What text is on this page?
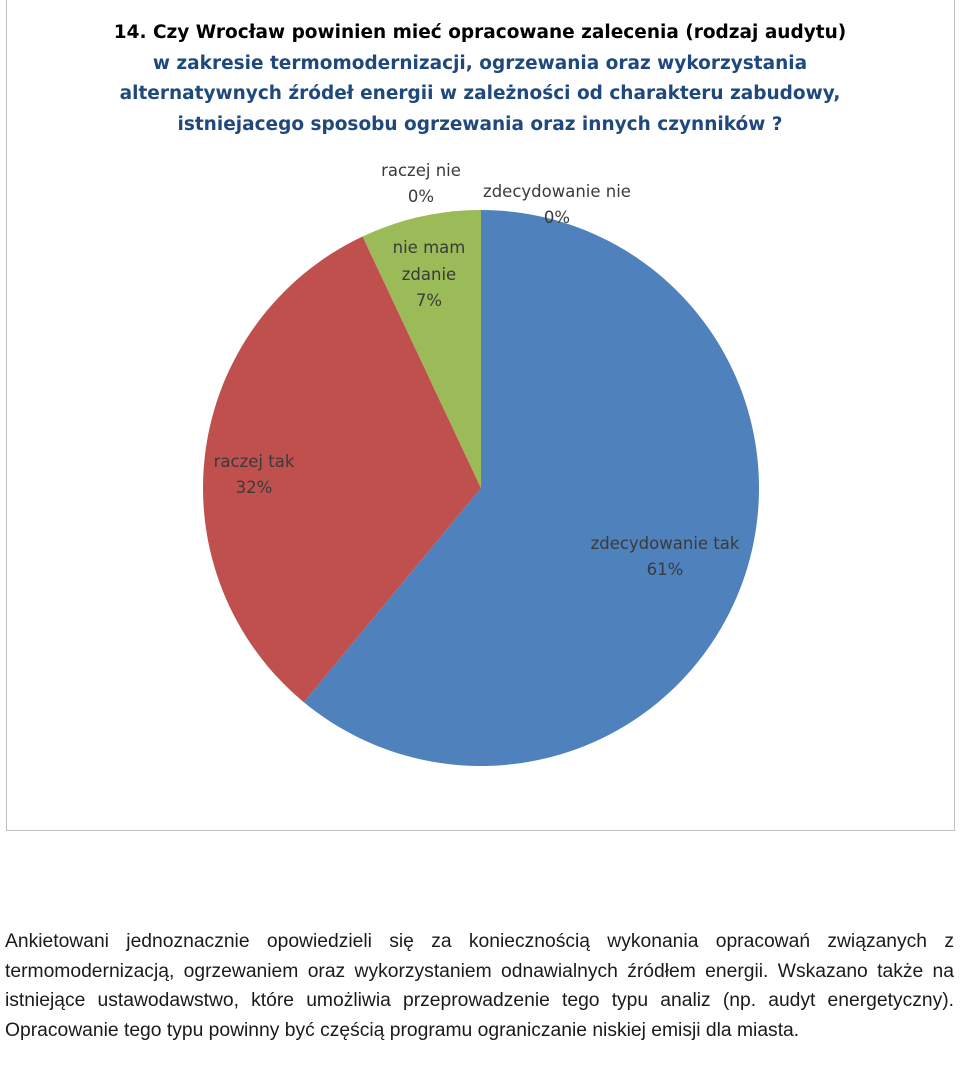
14. Czy Wrocław powinien mieć opracowane zalecenia (rodzaj audytu)
w zakresie termomodernizacji, ogrzewania oraz wykorzystania
alternatywnych źródeł energii w zależności od charakteru zabudowy,
istniejacego sposobu ogrzewania oraz innych czynników ?
zdecydowanie tak
61%
raczej tak
32%
nie mam
zdanie
7%
raczej nie
0%	zdecydowanie nie
0%

Ankietowani jednoznacznie opowiedzieli się za koniecznością wykonania opracowań związanych z termomodernizacją, ogrzewaniem oraz wykorzystaniem odnawialnych źródłem energii. Wskazano także na istniejące ustawodawstwo, które umożliwia przeprowadzenie tego typu analiz (np. audyt energetyczny). Opracowanie tego typu powinny być częścią programu ograniczanie niskiej emisji dla miasta.
